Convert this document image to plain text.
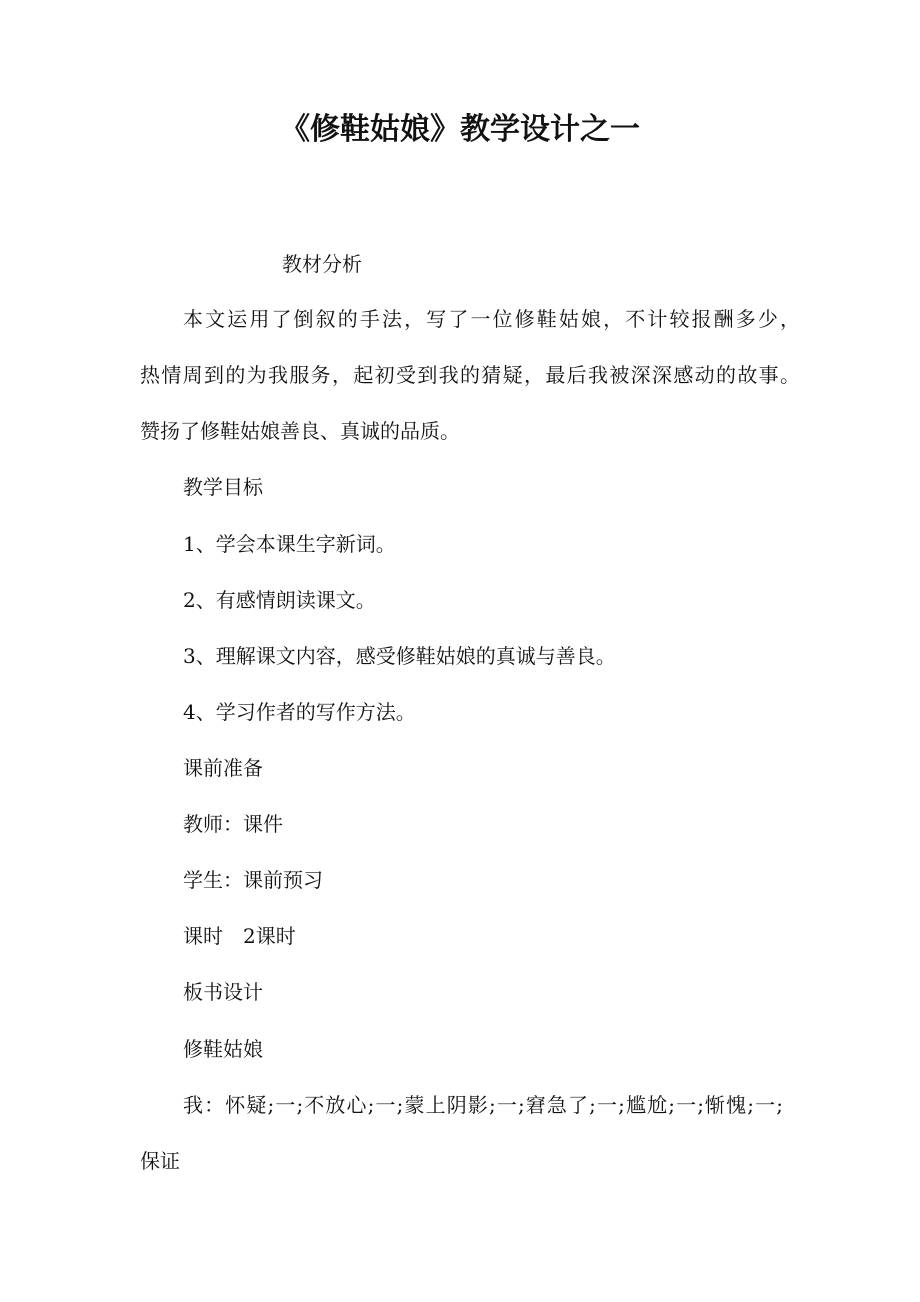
《修鞋姑娘》教学设计之一

教材分析

本文运用了倒叙的手法，写了一位修鞋姑娘，不计较报酬多少，

热情周到的为我服务，起初受到我的猜疑，最后我被深深感动的故事。

赞扬了修鞋姑娘善良、真诚的品质。

教学目标

1、学会本课生字新词。

2、有感情朗读课文。

3、理解课文内容，感受修鞋姑娘的真诚与善良。

4、学习作者的写作方法。

课前准备

教师：课件

学生：课前预习

课时 2课时

板书设计

修鞋姑娘

我：怀疑;一;不放心;一;蒙上阴影;一;窘急了;一;尴尬;一;惭愧;一;

保证
